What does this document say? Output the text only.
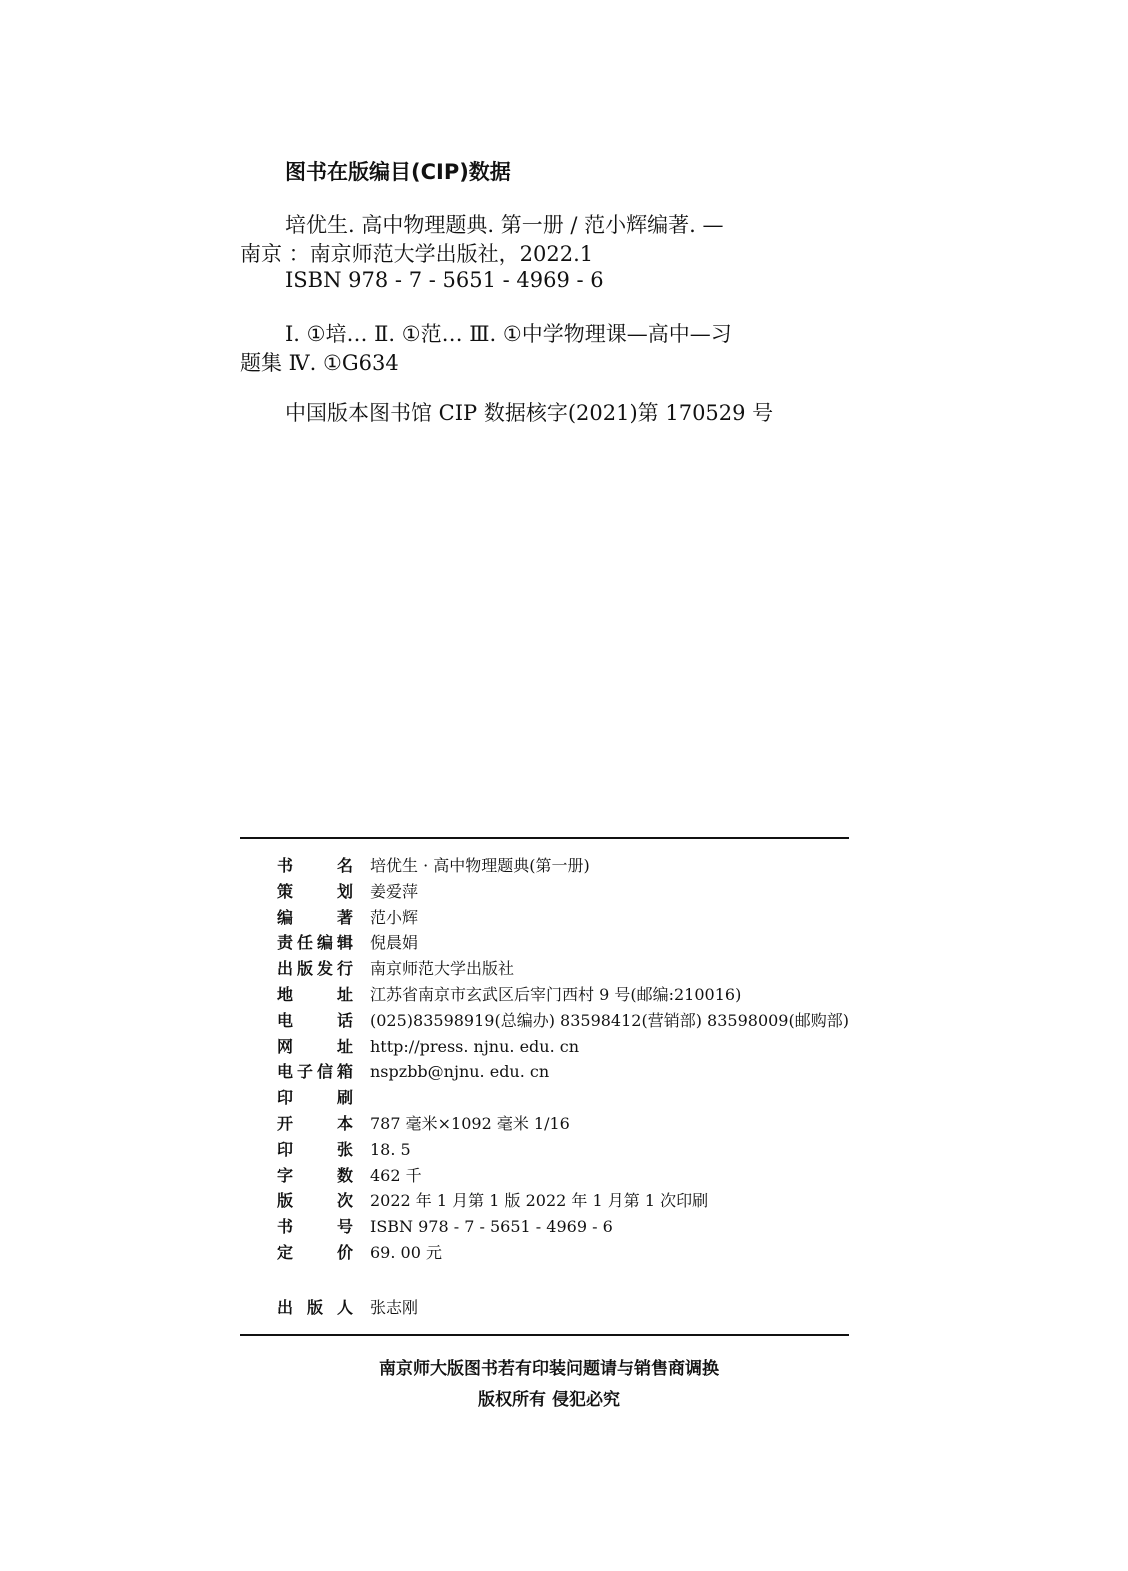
图书在版编目(CIP)数据
培优生. 高中物理题典. 第一册 / 范小辉编著. —
南京 ：南京师范大学出版社，2022.1
ISBN 978 - 7 - 5651 - 4969 - 6
Ⅰ. ①培… Ⅱ. ①范… Ⅲ. ①中学物理课—高中—习
题集 Ⅳ. ①G634
中国版本图书馆 CIP 数据核字(2021)第 170529 号
书名 培优生 · 高中物理题典(第一册)
策划 姜爱萍
编著 范小辉
责任编辑 倪晨娟
出版发行 南京师范大学出版社
地址 江苏省南京市玄武区后宰门西村 9 号(邮编:210016)
电话 (025)83598919(总编办) 83598412(营销部) 83598009(邮购部)
网址 http://press. njnu. edu. cn
电子信箱 nspzbb@njnu. edu. cn
印刷
开本 787 毫米×1092 毫米 1/16
印张 18. 5
字数 462 千
版次 2022 年 1 月第 1 版 2022 年 1 月第 1 次印刷
书号 ISBN 978 - 7 - 5651 - 4969 - 6
定价 69. 00 元
出版人 张志刚
南京师大版图书若有印装问题请与销售商调换
版权所有 侵犯必究
